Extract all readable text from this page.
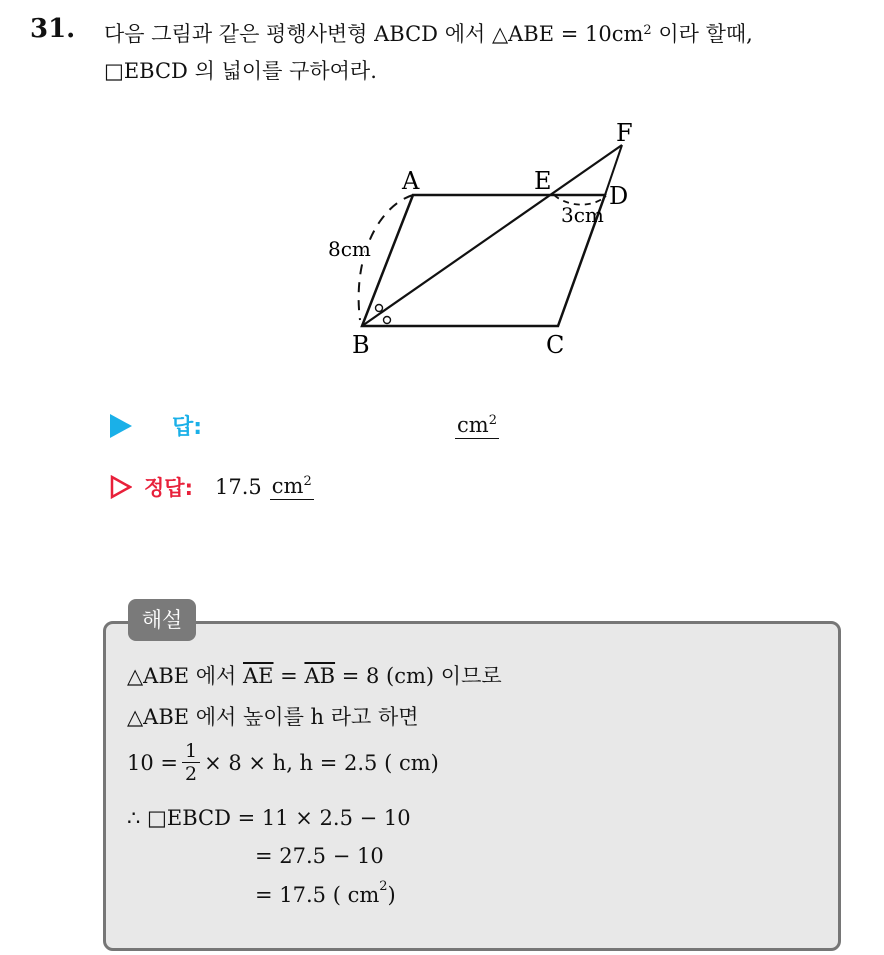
31. 다음 그림과 같은 평행사변형 ABCD 에서 △ABE = $10cm^2$ 이라 할때,
□EBCD 의 넓이를 구하여라.
F
A	E
D
B	C
8cm
3cm
답:	$cm^2$
정답: 17.5 $cm^2$
해설
△ABE 에서 $\overline{AE} = \overline{AB} = 8$ (cm) 이므로
△ABE 에서 높이를 h 라고 하면
$10 = \frac{1}{2} \times 8 \times h$, h = 2.5 ( cm)
∴ □EBCD = 11 × 2.5 − 10
= 27.5 − 10
= 17.5 ( $cm^2$)
